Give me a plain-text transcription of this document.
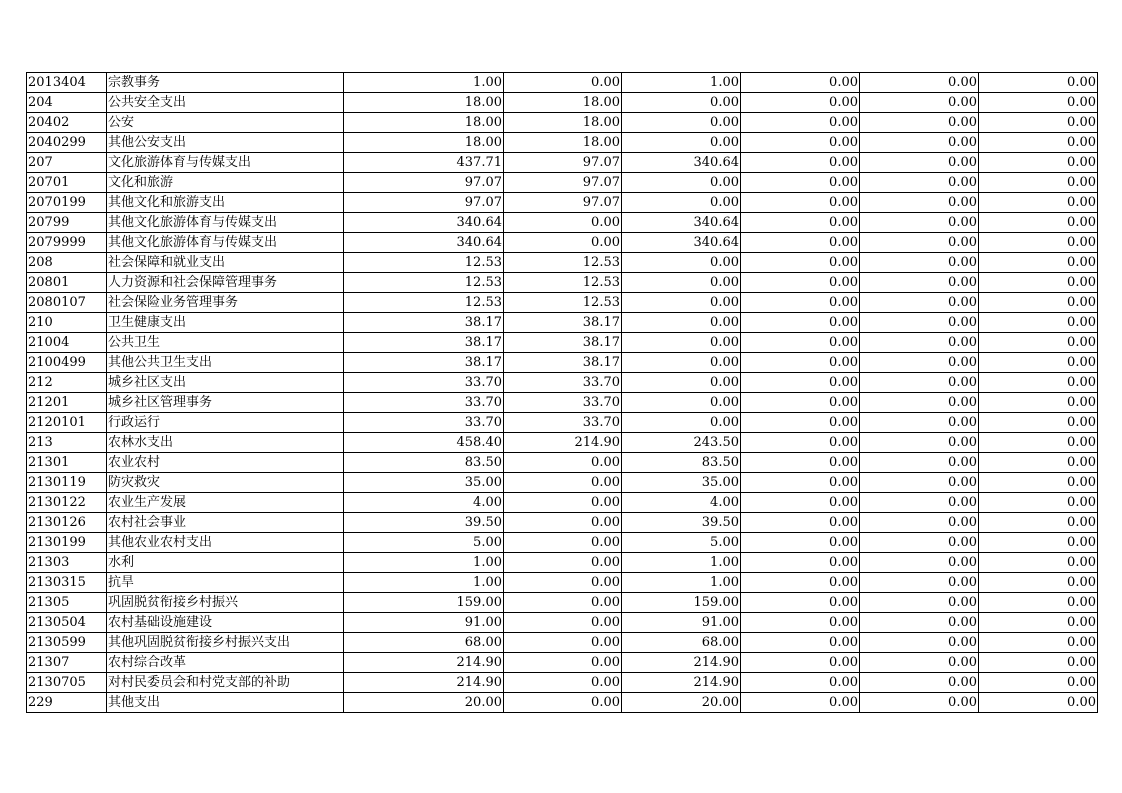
2013404	宗教事务	1.00	0.00	1.00	0.00	0.00	0.00
204	公共安全支出	18.00	18.00	0.00	0.00	0.00	0.00
20402	公安	18.00	18.00	0.00	0.00	0.00	0.00
2040299	其他公安支出	18.00	18.00	0.00	0.00	0.00	0.00
207	文化旅游体育与传媒支出	437.71	97.07	340.64	0.00	0.00	0.00
20701	文化和旅游	97.07	97.07	0.00	0.00	0.00	0.00
2070199	其他文化和旅游支出	97.07	97.07	0.00	0.00	0.00	0.00
20799	其他文化旅游体育与传媒支出	340.64	0.00	340.64	0.00	0.00	0.00
2079999	其他文化旅游体育与传媒支出	340.64	0.00	340.64	0.00	0.00	0.00
208	社会保障和就业支出	12.53	12.53	0.00	0.00	0.00	0.00
20801	人力资源和社会保障管理事务	12.53	12.53	0.00	0.00	0.00	0.00
2080107	社会保险业务管理事务	12.53	12.53	0.00	0.00	0.00	0.00
210	卫生健康支出	38.17	38.17	0.00	0.00	0.00	0.00
21004	公共卫生	38.17	38.17	0.00	0.00	0.00	0.00
2100499	其他公共卫生支出	38.17	38.17	0.00	0.00	0.00	0.00
212	城乡社区支出	33.70	33.70	0.00	0.00	0.00	0.00
21201	城乡社区管理事务	33.70	33.70	0.00	0.00	0.00	0.00
2120101	行政运行	33.70	33.70	0.00	0.00	0.00	0.00
213	农林水支出	458.40	214.90	243.50	0.00	0.00	0.00
21301	农业农村	83.50	0.00	83.50	0.00	0.00	0.00
2130119	防灾救灾	35.00	0.00	35.00	0.00	0.00	0.00
2130122	农业生产发展	4.00	0.00	4.00	0.00	0.00	0.00
2130126	农村社会事业	39.50	0.00	39.50	0.00	0.00	0.00
2130199	其他农业农村支出	5.00	0.00	5.00	0.00	0.00	0.00
21303	水利	1.00	0.00	1.00	0.00	0.00	0.00
2130315	抗旱	1.00	0.00	1.00	0.00	0.00	0.00
21305	巩固脱贫衔接乡村振兴	159.00	0.00	159.00	0.00	0.00	0.00
2130504	农村基础设施建设	91.00	0.00	91.00	0.00	0.00	0.00
2130599	其他巩固脱贫衔接乡村振兴支出	68.00	0.00	68.00	0.00	0.00	0.00
21307	农村综合改革	214.90	0.00	214.90	0.00	0.00	0.00
2130705	对村民委员会和村党支部的补助	214.90	0.00	214.90	0.00	0.00	0.00
229	其他支出	20.00	0.00	20.00	0.00	0.00	0.00
